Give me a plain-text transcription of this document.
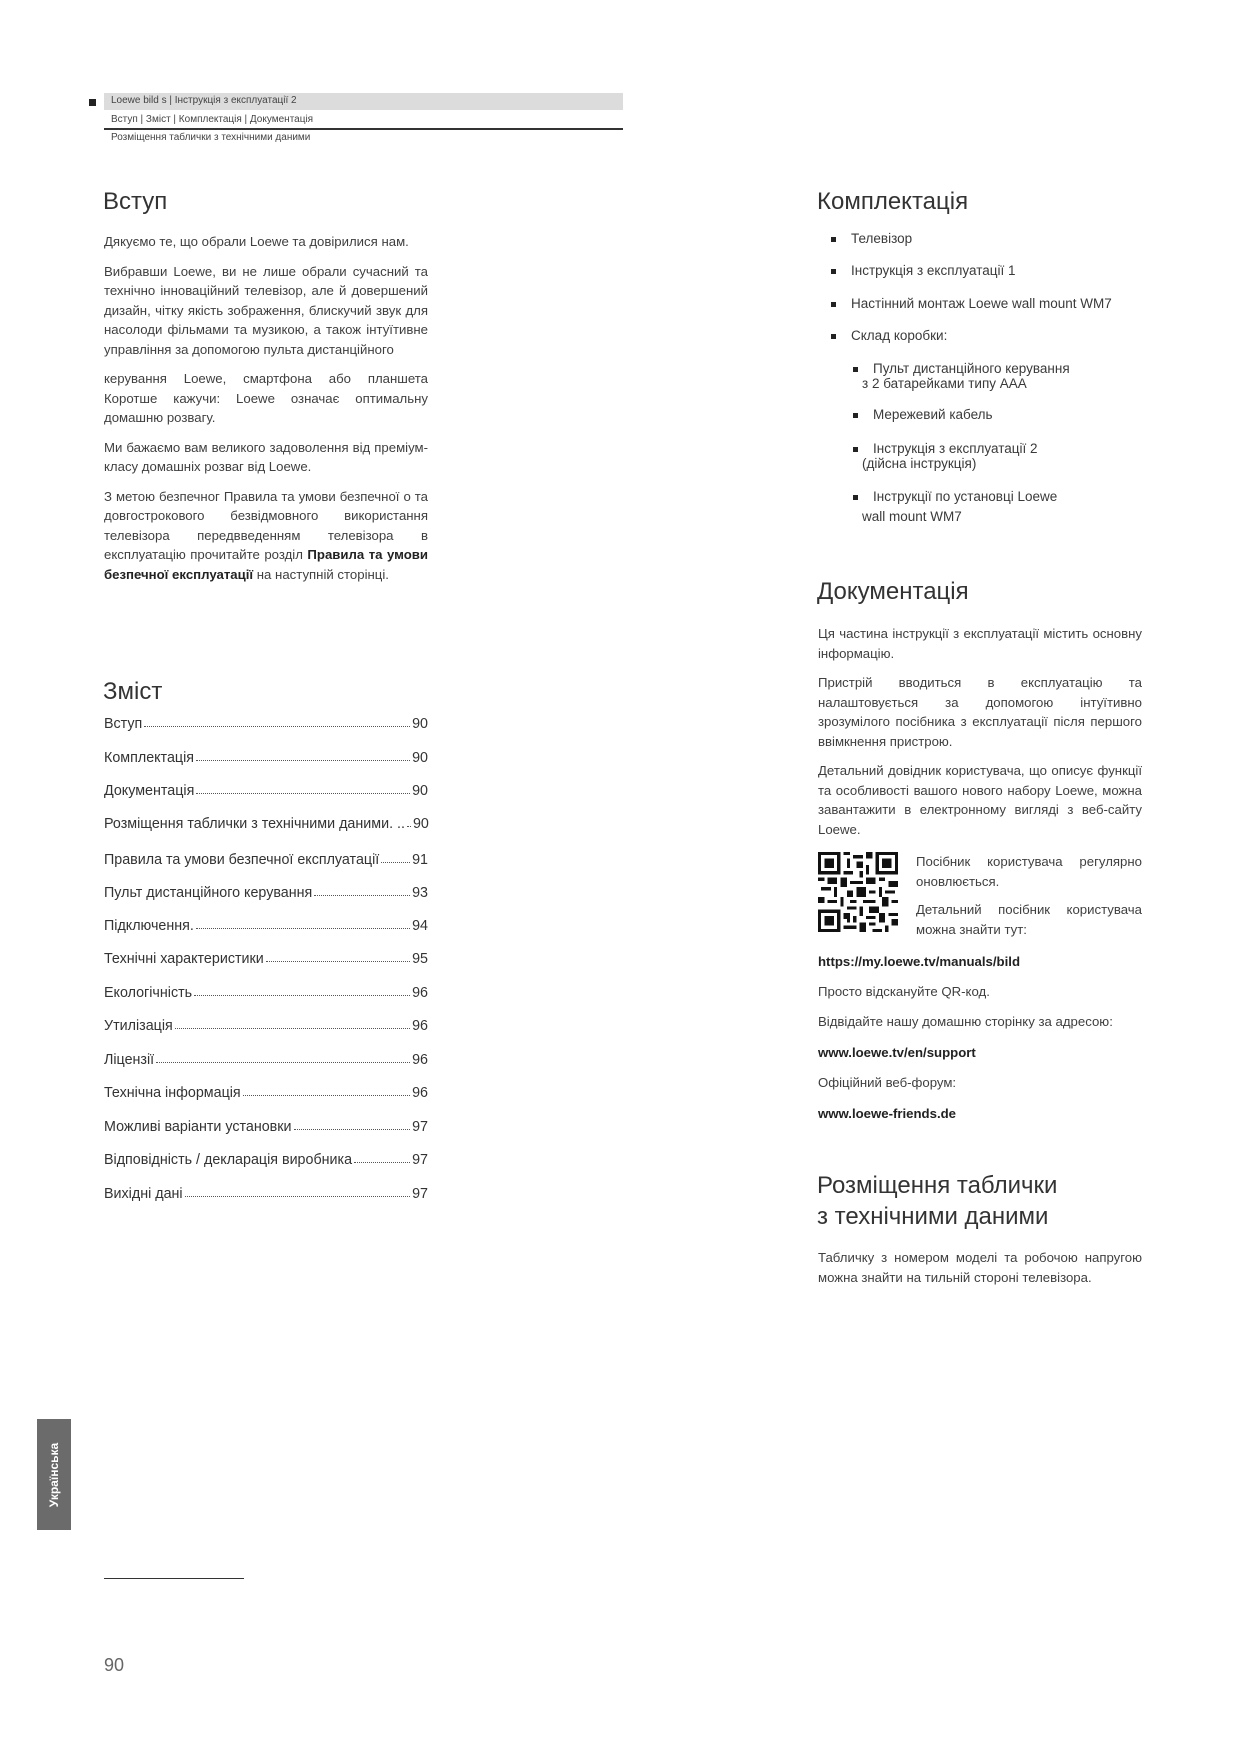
Loewe bild s | Інструкція з експлуатації 2
Вступ | Зміст | Комплектація | Документація
Розміщення таблички з технічними даними
Вступ

Дякуємо те, що обрали Loewe та довірилися нам.

Вибравши Loewe, ви не лише обрали сучасний та технічно інноваційний телевізор, але й довершений дизайн, чітку якість зображення, блискучий звук для насолоди фільмами та музикою, а також інтуїтивне управління за допомогою пульта дистанційного

керування Loewe, смартфона або планшета Коротше кажучи: Loewe означає оптимальну домашню розвагу.

Ми бажаємо вам великого задоволення від преміум-класу домашніх розваг від Loewe.

З метою безпечног Правила та умови безпечної о та довгострокового безвідмовного використання телевізора передвведенням телевізора в експлуатацію прочитайте розділ Правила та умови безпечної експлуатації на наступній сторінці.

Зміст
Вступ	90
Комплектація	90
Документація	90
Розміщення таблички з технічними даними. .. 90
Правила та умови безпечної експлуатації 91
Пульт дистанційного керування	93
Підключення.	94
Технічні характеристики	95
Екологічність	96
Утилізація	96
Ліцензії	96
Технічна інформація	96
Можливі варіанти установки	97
Відповідність / декларація виробника	97
Вихідні дані	97
Комплектація
Телевізор
Інструкція з експлуатації 1
Настінний монтаж Loewe wall mount WM7
Склад коробки:
Пульт дистанційного керування
з 2 батарейками типу AAA
Мережевий кабель
Інструкція з експлуатації 2
(дійсна інструкція)
Інструкції по установці Loewe
wall mount WM7
Документація

Ця частина інструкції з експлуатації містить основну інформацію.

Пристрій вводиться в експлуатацію та налаштовується за допомогою інтуїтивно зрозумілого посібника з експлуатації після першого ввімкнення пристрою.

Детальний довідник користувача, що описує функції та особливості вашого нового набору Loewe, можна завантажити в електронному вигляді з веб-сайту Loewe.

Посібник користувача регулярно оновлюється.
Детальний посібник користувача можна знайти тут:
https://my.loewe.tv/manuals/bild
Просто відскануйте QR-код.
Відвідайте нашу домашню сторінку за адресою:
www.loewe.tv/en/support
Офіційний веб-форум:
www.loewe-friends.de
Розміщення таблички
з технічними даними
Табличку з номером моделі та робочою напругою можна знайти на тильній стороні телевізора.
Українська
90
